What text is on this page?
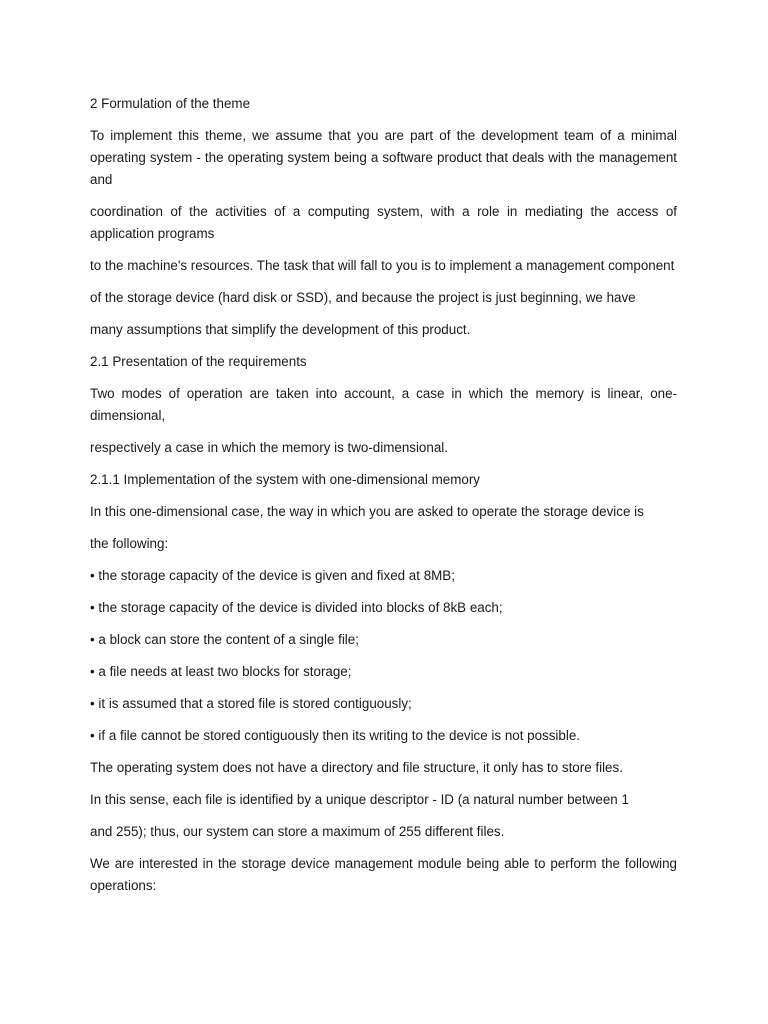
2 Formulation of the theme

To implement this theme, we assume that you are part of the development team of a minimal operating system - the operating system being a software product that deals with the management and

coordination of the activities of a computing system, with a role in mediating the access of application programs

to the machine's resources. The task that will fall to you is to implement a management component

of the storage device (hard disk or SSD), and because the project is just beginning, we have

many assumptions that simplify the development of this product.

2.1 Presentation of the requirements

Two modes of operation are taken into account, a case in which the memory is linear, one-dimensional,

respectively a case in which the memory is two-dimensional.

2.1.1 Implementation of the system with one-dimensional memory

In this one-dimensional case, the way in which you are asked to operate the storage device is

the following:

• the storage capacity of the device is given and fixed at 8MB;

• the storage capacity of the device is divided into blocks of 8kB each;

• a block can store the content of a single file;

• a file needs at least two blocks for storage;

• it is assumed that a stored file is stored contiguously;

• if a file cannot be stored contiguously then its writing to the device is not possible.

The operating system does not have a directory and file structure, it only has to store files.

In this sense, each file is identified by a unique descriptor - ID (a natural number between 1

and 255); thus, our system can store a maximum of 255 different files.

We are interested in the storage device management module being able to perform the following operations:
